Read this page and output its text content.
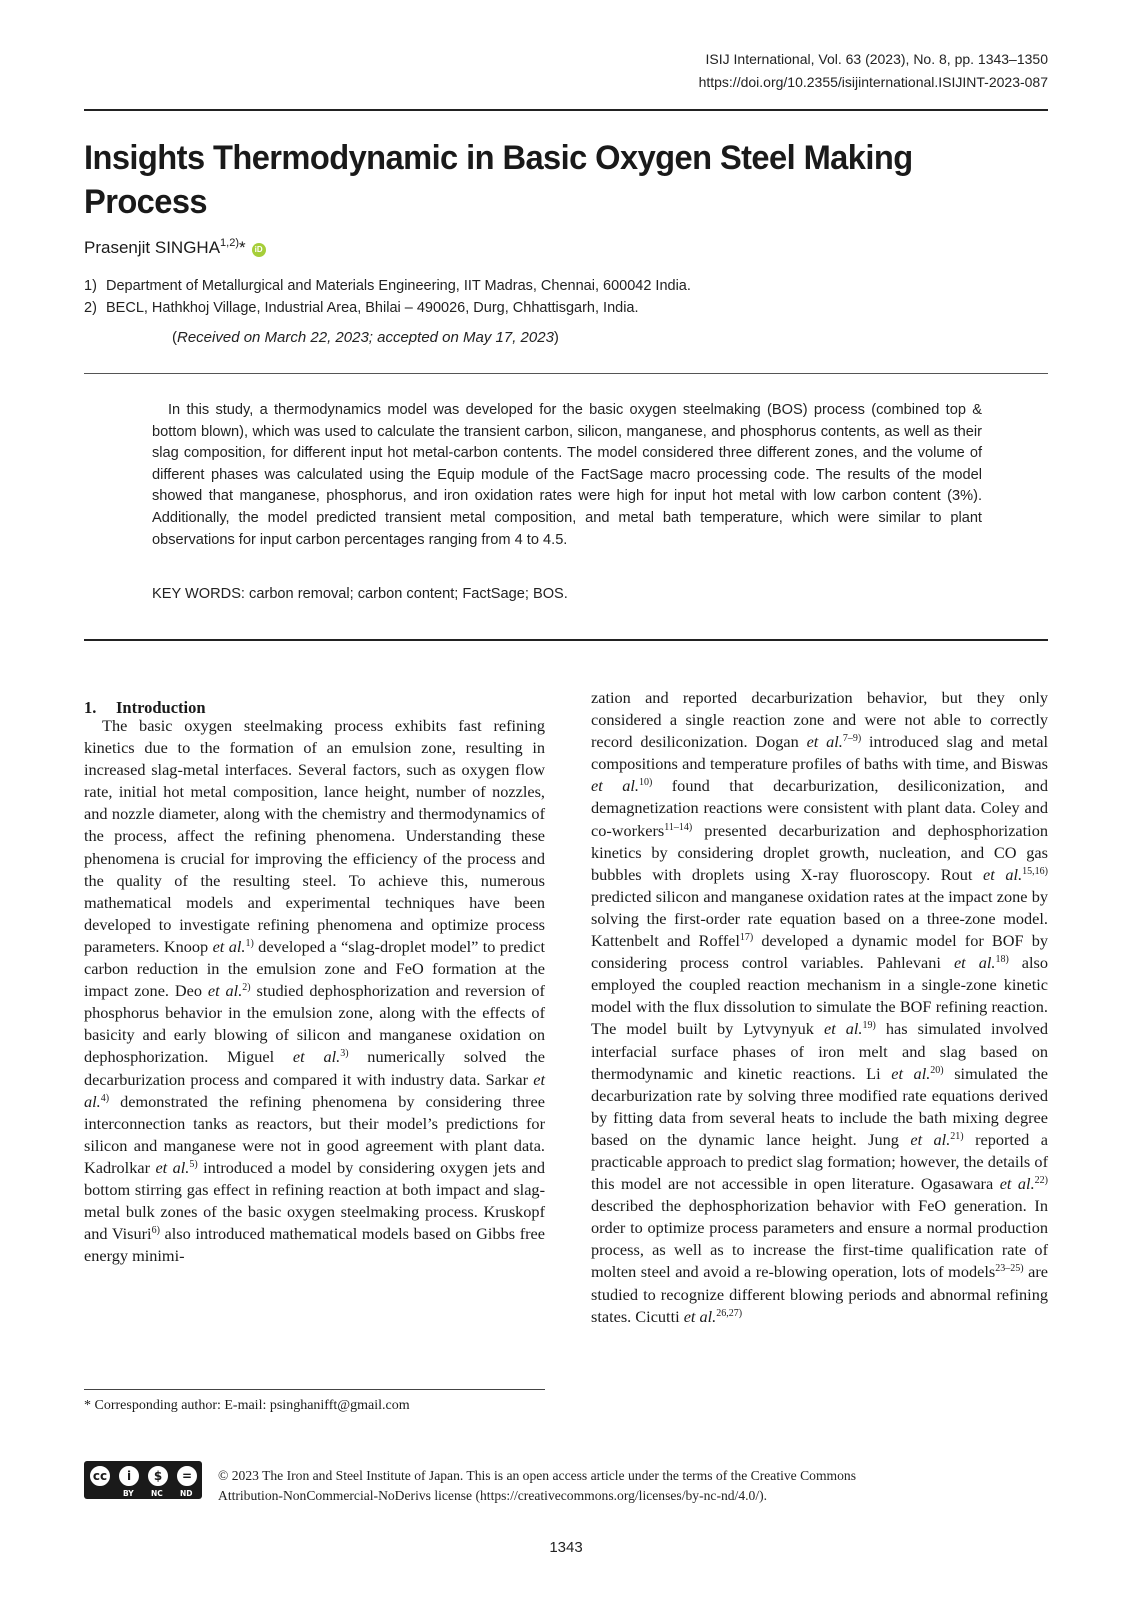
ISIJ International, Vol. 63 (2023), No. 8, pp. 1343–1350
https://doi.org/10.2355/isijinternational.ISIJINT-2023-087
Insights Thermodynamic in Basic Oxygen Steel Making Process
Prasenjit SINGHA$^{1,2)}$* iD
1) Department of Metallurgical and Materials Engineering, IIT Madras, Chennai, 600042 India.
2) BECL, Hathkhoj Village, Industrial Area, Bhilai – 490026, Durg, Chhattisgarh, India.
(Received on March 22, 2023; accepted on May 17, 2023)

In this study, a thermodynamics model was developed for the basic oxygen steelmaking (BOS) process (combined top & bottom blown), which was used to calculate the transient carbon, silicon, manganese, and phosphorus contents, as well as their slag composition, for different input hot metal-carbon contents. The model considered three different zones, and the volume of different phases was calculated using the Equip module of the FactSage macro processing code. The results of the model showed that manganese, phosphorus, and iron oxidation rates were high for input hot metal with low carbon content (3%). Additionally, the model predicted transient metal composition, and metal bath temperature, which were similar to plant observations for input carbon percentages ranging from 4 to 4.5.

KEY WORDS: carbon removal; carbon content; FactSage; BOS.
1. Introduction

The basic oxygen steelmaking process exhibits fast refining kinetics due to the formation of an emulsion zone, resulting in increased slag-metal interfaces. Several factors, such as oxygen flow rate, initial hot metal composition, lance height, number of nozzles, and nozzle diameter, along with the chemistry and thermodynamics of the process, affect the refining phenomena. Understanding these phenomena is crucial for improving the efficiency of the process and the quality of the resulting steel. To achieve this, numerous mathematical models and experimental techniques have been developed to investigate refining phenomena and optimize process parameters. Knoop et al.$^{1)}$ developed a “slag-droplet model” to predict carbon reduction in the emulsion zone and FeO formation at the impact zone. Deo et al.$^{2)}$ studied dephosphorization and reversion of phosphorus behavior in the emulsion zone, along with the effects of basicity and early blowing of silicon and manganese oxidation on dephosphorization. Miguel et al.$^{3)}$ numerically solved the decarburization process and compared it with industry data. Sarkar et al.$^{4)}$ demonstrated the refining phenomena by considering three interconnection tanks as reactors, but their model’s predictions for silicon and manganese were not in good agreement with plant data. Kadrolkar et al.$^{5)}$ introduced a model by considering oxygen jets and bottom stirring gas effect in refining reaction at both impact and slag-metal bulk zones of the basic oxygen steelmaking process. Kruskopf and Visuri$^{6)}$ also introduced mathematical models based on Gibbs free energy minimi-

zation and reported decarburization behavior, but they only considered a single reaction zone and were not able to correctly record desiliconization. Dogan et al.$^{7-9)}$ introduced slag and metal compositions and temperature profiles of baths with time, and Biswas et al.$^{10)}$ found that decarburization, desiliconization, and demagnetization reactions were consistent with plant data. Coley and co-workers$^{11-14)}$ presented decarburization and dephosphorization kinetics by considering droplet growth, nucleation, and CO gas bubbles with droplets using X-ray fluoroscopy. Rout et al.$^{15,16)}$ predicted silicon and manganese oxidation rates at the impact zone by solving the first-order rate equation based on a three-zone model. Kattenbelt and Roffel$^{17)}$ developed a dynamic model for BOF by considering process control variables. Pahlevani et al.$^{18)}$ also employed the coupled reaction mechanism in a single-zone kinetic model with the flux dissolution to simulate the BOF refining reaction. The model built by Lytvynyuk et al.$^{19)}$ has simulated involved interfacial surface phases of iron melt and slag based on thermodynamic and kinetic reactions. Li et al.$^{20)}$ simulated the decarburization rate by solving three modified rate equations derived by fitting data from several heats to include the bath mixing degree based on the dynamic lance height. Jung et al.$^{21)}$ reported a practicable approach to predict slag formation; however, the details of this model are not accessible in open literature. Ogasawara et al.$^{22)}$ described the dephosphorization behavior with FeO generation. In order to optimize process parameters and ensure a normal production process, as well as to increase the first-time qualification rate of molten steel and avoid a re-blowing operation, lots of models$^{23-25)}$ are studied to recognize different blowing periods and abnormal refining states. Cicutti et al.$^{26,27)}$

* Corresponding author: E-mail: psinghanifft@gmail.com
cc	i	$	=
BY NC ND
© 2023 The Iron and Steel Institute of Japan. This is an open access article under the terms of the Creative Commons
Attribution-NonCommercial-NoDerivs license (https://creativecommons.org/licenses/by-nc-nd/4.0/).
1343
